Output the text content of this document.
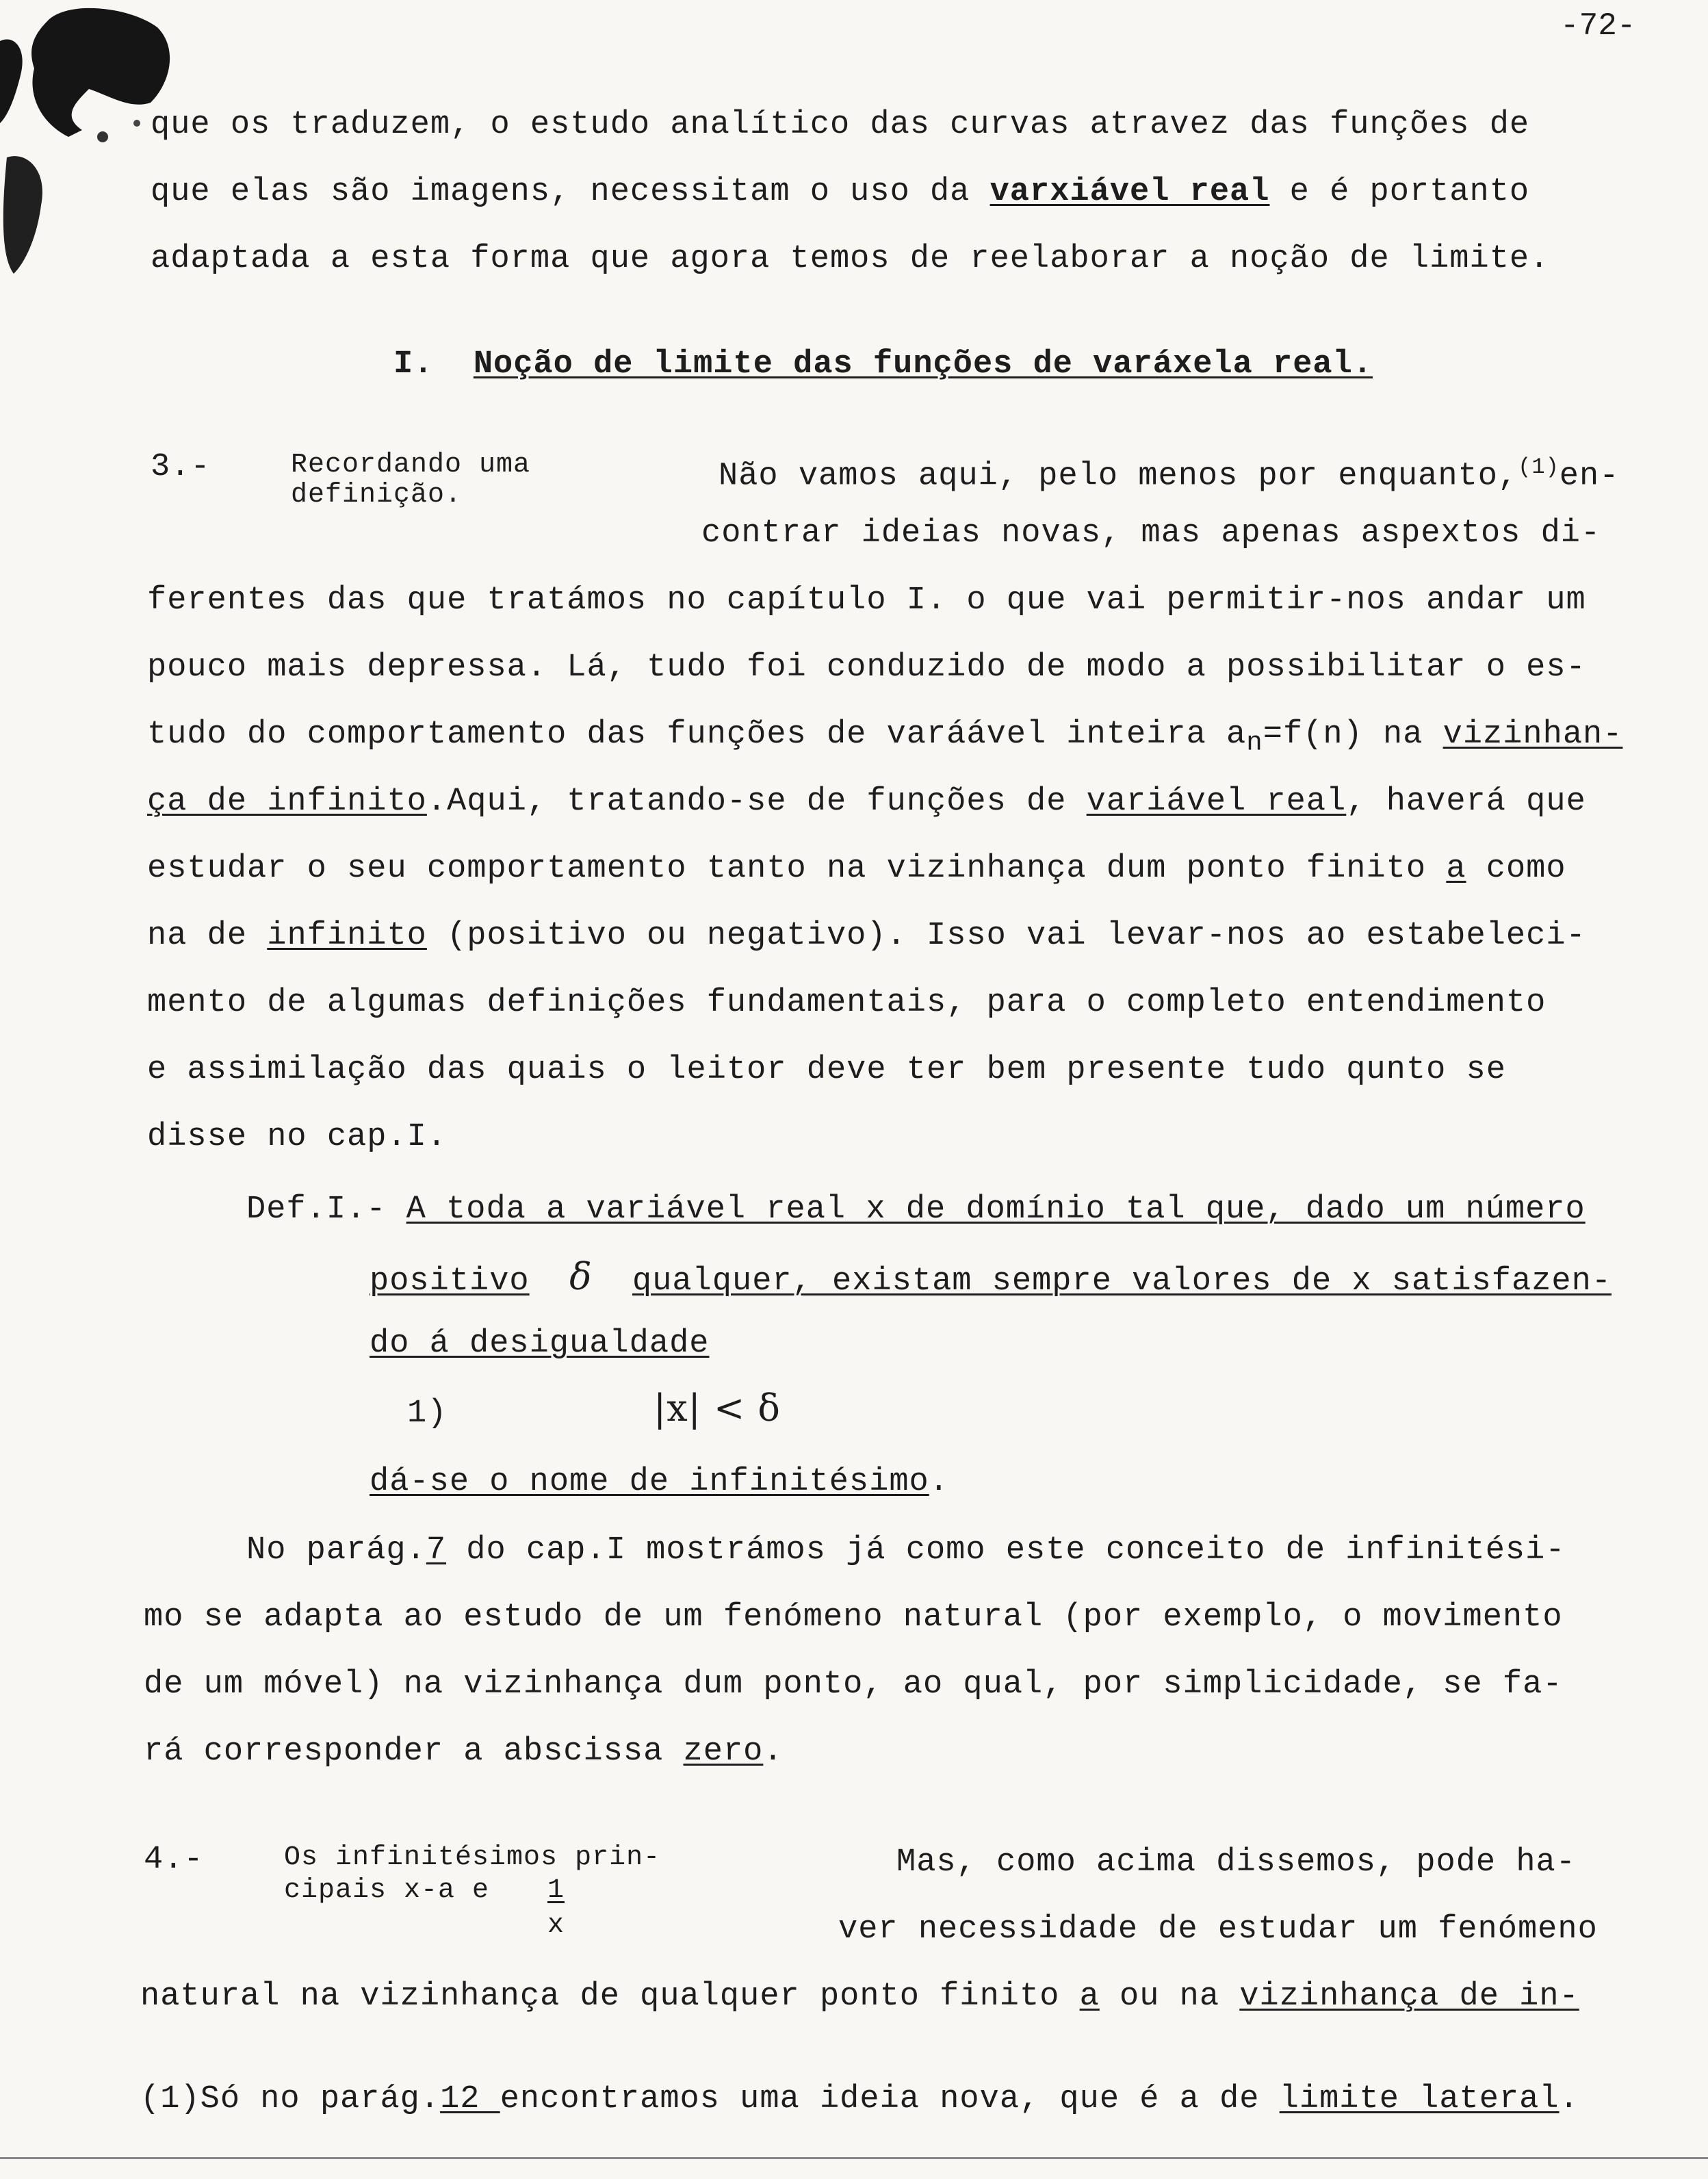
-72-
que os traduzem, o estudo analítico das curvas atravez das funções de
que elas são imagens, necessitam o uso da varxiável real e é portanto
adaptada a esta forma que agora temos de reelaborar a noção de limite.
I. Noção de limite das funções de varáxela real.
3.-	Recordando uma
definição.
Não vamos aqui, pelo menos por enquanto,$^{(1)}$en-
contrar ideias novas, mas apenas aspextos di-
ferentes das que tratámos no capítulo I. o que vai permitir-nos andar um
pouco mais depressa. Lá, tudo foi conduzido de modo a possibilitar o es-
tudo do comportamento das funções de varáável inteira $a_n=f(n)$ na vizinhan-
ça de infinito.Aqui, tratando-se de funções de variável real, haverá que
estudar o seu comportamento tanto na vizinhança dum ponto finito a como
na de infinito (positivo ou negativo). Isso vai levar-nos ao estabeleci-
mento de algumas definições fundamentais, para o completo entendimento
e assimilação das quais o leitor deve ter bem presente tudo qunto se
disse no cap.I.
Def.I.- A toda a variável real x de domínio tal que, dado um número
positivo δ qualquer, existam sempre valores de x satisfazen-
do á desigualdade
1)	|x| < δ
dá-se o nome de infinitésimo.
No parág.7 do cap.I mostrámos já como este conceito de infinitési-
mo se adapta ao estudo de um fenómeno natural (por exemplo, o movimento
de um móvel) na vizinhança dum ponto, ao qual, por simplicidade, se fa-
rá corresponder a abscissa zero.
4.-	Os infinitésimos prin-
cipais x-a e 1
x
Mas, como acima dissemos, pode ha-
ver necessidade de estudar um fenómeno
natural na vizinhança de qualquer ponto finito a ou na vizinhança de in-
(1)Só no parág.12 encontramos uma ideia nova, que é a de limite lateral.
